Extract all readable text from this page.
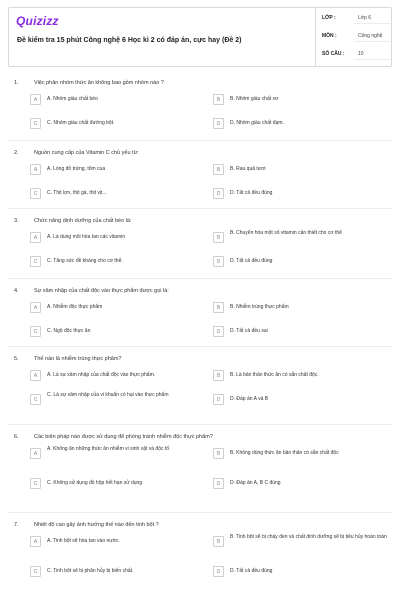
Quizizz
Đề kiểm tra 15 phút Công nghệ 6 Học kì 2 có đáp án, cực hay (Đề 2)
LỚP :	Lớp 6
MÔN :	Công nghệ
SỐ CÂU :	10
1.	Việc phân nhóm thức ăn không bao gồm nhóm nào ?
A	A. Nhóm giàu chất béo	B	B. Nhóm giàu chất xơ
C	C. Nhóm giàu chất đường bột.	D	D. Nhóm giàu chất đạm.
2.	Nguồn cung cấp của Vitamin C chủ yếu từ:
A	A. Lòng đỏ trứng, tôm cua	B	B. Rau quả tươi
C	C. Thịt lợn, thịt gà, thịt vịt...	D	D. Tất cả đều đúng
3.	Chức năng dinh dưỡng của chất béo là:
A	A. Là dung môi hòa tan các vitamin	B
B. Chuyển hóa một số vitamin cần thiết cho cơ thể
C	C. Tăng sức đề kháng cho cơ thể.	D	D. Tất cả đều đúng
4.	Sự xâm nhập của chất độc vào thực phẩm được gọi là:
A	A. Nhiễm độc thực phẩm	B	B. Nhiễm trùng thực phẩm
C	C. Ngộ độc thực ăn	D	D. Tất cả đều sai
5.	Thế nào là nhiễm trùng thực phẩm?
A	A. Là sự xâm nhập của chất độc vào thực phẩm.	B	B. Là bản thân thức ăn có sẵn chất độc.
C
C. Là sự xâm nhập của vi khuẩn có hại vào thực phẩm
D	D. Đáp án A và B
6.	Các biện pháp nào được sử dụng để phòng tránh nhiễm độc thực phẩm?
A
A. Không ăn những thức ăn nhiễm vi sinh vật và độc tố
B	B. Không dùng thức ăn bản thân có sẵn chất độc
C	C. Không sử dụng đồ hộp hết hạn sử dụng	D	D. Đáp án A, B C đúng
7.	Nhiệt độ cao gây ảnh hưởng thế nào đến tinh bột ?
A	A. Tinh bột sẽ hòa tan vào nước.	B
B. Tinh bột sẽ bị cháy đen và chất dinh dưỡng sẽ bị tiêu hủy hoàn toàn
C	C. Tinh bột sẽ bị phân hủy bị biến chất.	D	D. Tất cả đều đúng
